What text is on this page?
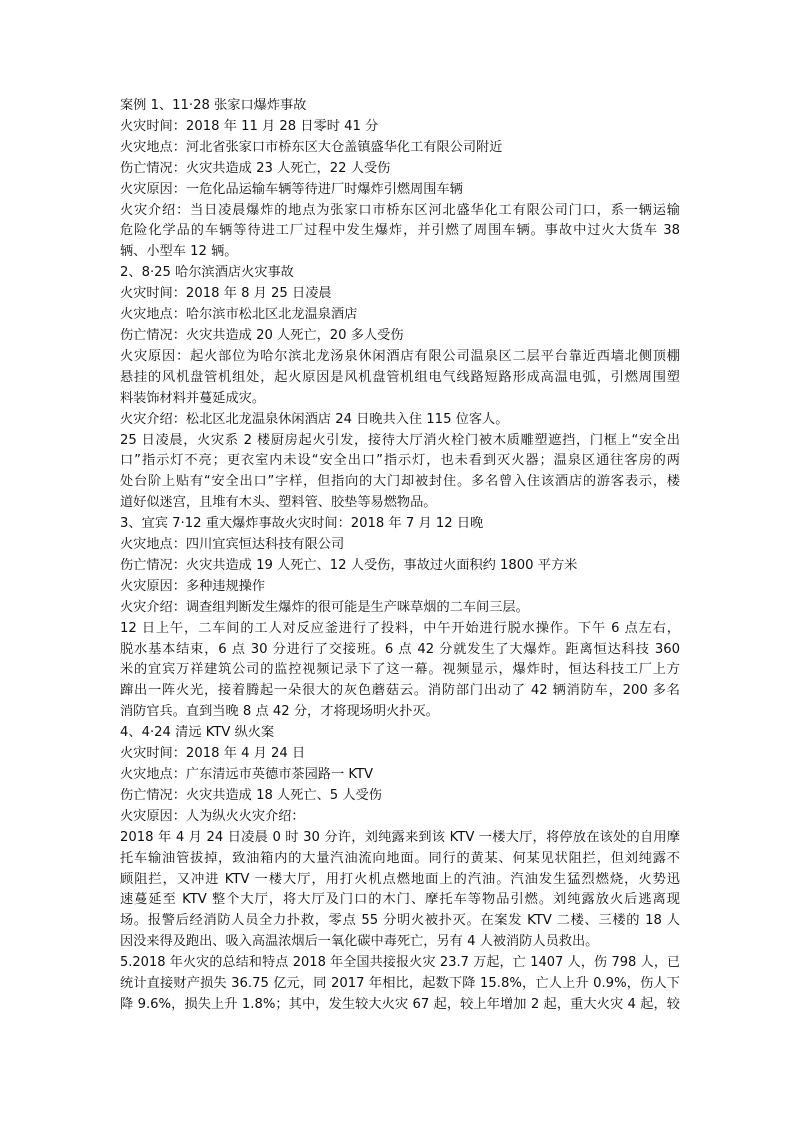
案例 1、11·28 张家口爆炸事故
火灾时间：2018 年 11 月 28 日零时 41 分
火灾地点：河北省张家口市桥东区大仓盖镇盛华化工有限公司附近
伤亡情况：火灾共造成 23 人死亡，22 人受伤
火灾原因：一危化品运输车辆等待进厂时爆炸引燃周围车辆
火灾介绍：当日凌晨爆炸的地点为张家口市桥东区河北盛华化工有限公司门口，系一辆运输
危险化学品的车辆等待进工厂过程中发生爆炸，并引燃了周围车辆。事故中过火大货车 38
辆、小型车 12 辆。
2、8·25 哈尔滨酒店火灾事故
火灾时间：2018 年 8 月 25 日凌晨
火灾地点：哈尔滨市松北区北龙温泉酒店
伤亡情况：火灾共造成 20 人死亡，20 多人受伤
火灾原因：起火部位为哈尔滨北龙汤泉休闲酒店有限公司温泉区二层平台靠近西墙北侧顶棚
悬挂的风机盘管机组处，起火原因是风机盘管机组电气线路短路形成高温电弧，引燃周围塑
料装饰材料并蔓延成灾。
火灾介绍：松北区北龙温泉休闲酒店 24 日晚共入住 115 位客人。
25 日凌晨，火灾系 2 楼厨房起火引发，接待大厅消火栓门被木质雕塑遮挡，门框上“安全出
口”指示灯不亮；更衣室内未设“安全出口”指示灯，也未看到灭火器；温泉区通往客房的两
处台阶上贴有“安全出口”字样，但指向的大门却被封住。多名曾入住该酒店的游客表示，楼
道好似迷宫，且堆有木头、塑料管、胶垫等易燃物品。
3、宜宾 7·12 重大爆炸事故火灾时间：2018 年 7 月 12 日晚
火灾地点：四川宜宾恒达科技有限公司
伤亡情况：火灾共造成 19 人死亡、12 人受伤，事故过火面积约 1800 平方米
火灾原因：多种违规操作
火灾介绍：调查组判断发生爆炸的很可能是生产咪草烟的二车间三层。
12 日上午，二车间的工人对反应釜进行了投料，中午开始进行脱水操作。下午 6 点左右，
脱水基本结束，6 点 30 分进行了交接班。6 点 42 分就发生了大爆炸。距离恒达科技 360
米的宜宾万祥建筑公司的监控视频记录下了这一幕。视频显示，爆炸时，恒达科技工厂上方
蹿出一阵火光，接着腾起一朵很大的灰色蘑菇云。消防部门出动了 42 辆消防车，200 多名
消防官兵。直到当晚 8 点 42 分，才将现场明火扑灭。
4、4·24 清远 KTV 纵火案
火灾时间：2018 年 4 月 24 日
火灾地点：广东清远市英德市茶园路一 KTV
伤亡情况：火灾共造成 18 人死亡、5 人受伤
火灾原因：人为纵火火灾介绍：
2018 年 4 月 24 日凌晨 0 时 30 分许，刘纯露来到该 KTV 一楼大厅，将停放在该处的自用摩
托车输油管拔掉，致油箱内的大量汽油流向地面。同行的黄某、何某见状阻拦，但刘纯露不
顾阻拦，又冲进 KTV 一楼大厅，用打火机点燃地面上的汽油。汽油发生猛烈燃烧，火势迅
速蔓延至 KTV 整个大厅，将大厅及门口的木门、摩托车等物品引燃。刘纯露放火后逃离现
场。报警后经消防人员全力扑救，零点 55 分明火被扑灭。在案发 KTV 二楼、三楼的 18 人
因没来得及跑出、吸入高温浓烟后一氧化碳中毒死亡，另有 4 人被消防人员救出。
5.2018 年火灾的总结和特点 2018 年全国共接报火灾 23.7 万起，亡 1407 人，伤 798 人，已
统计直接财产损失 36.75 亿元，同 2017 年相比，起数下降 15.8%，亡人上升 0.9%，伤人下
降 9.6%，损失上升 1.8%；其中，发生较大火灾 67 起，较上年增加 2 起，重大火灾 4 起，较
